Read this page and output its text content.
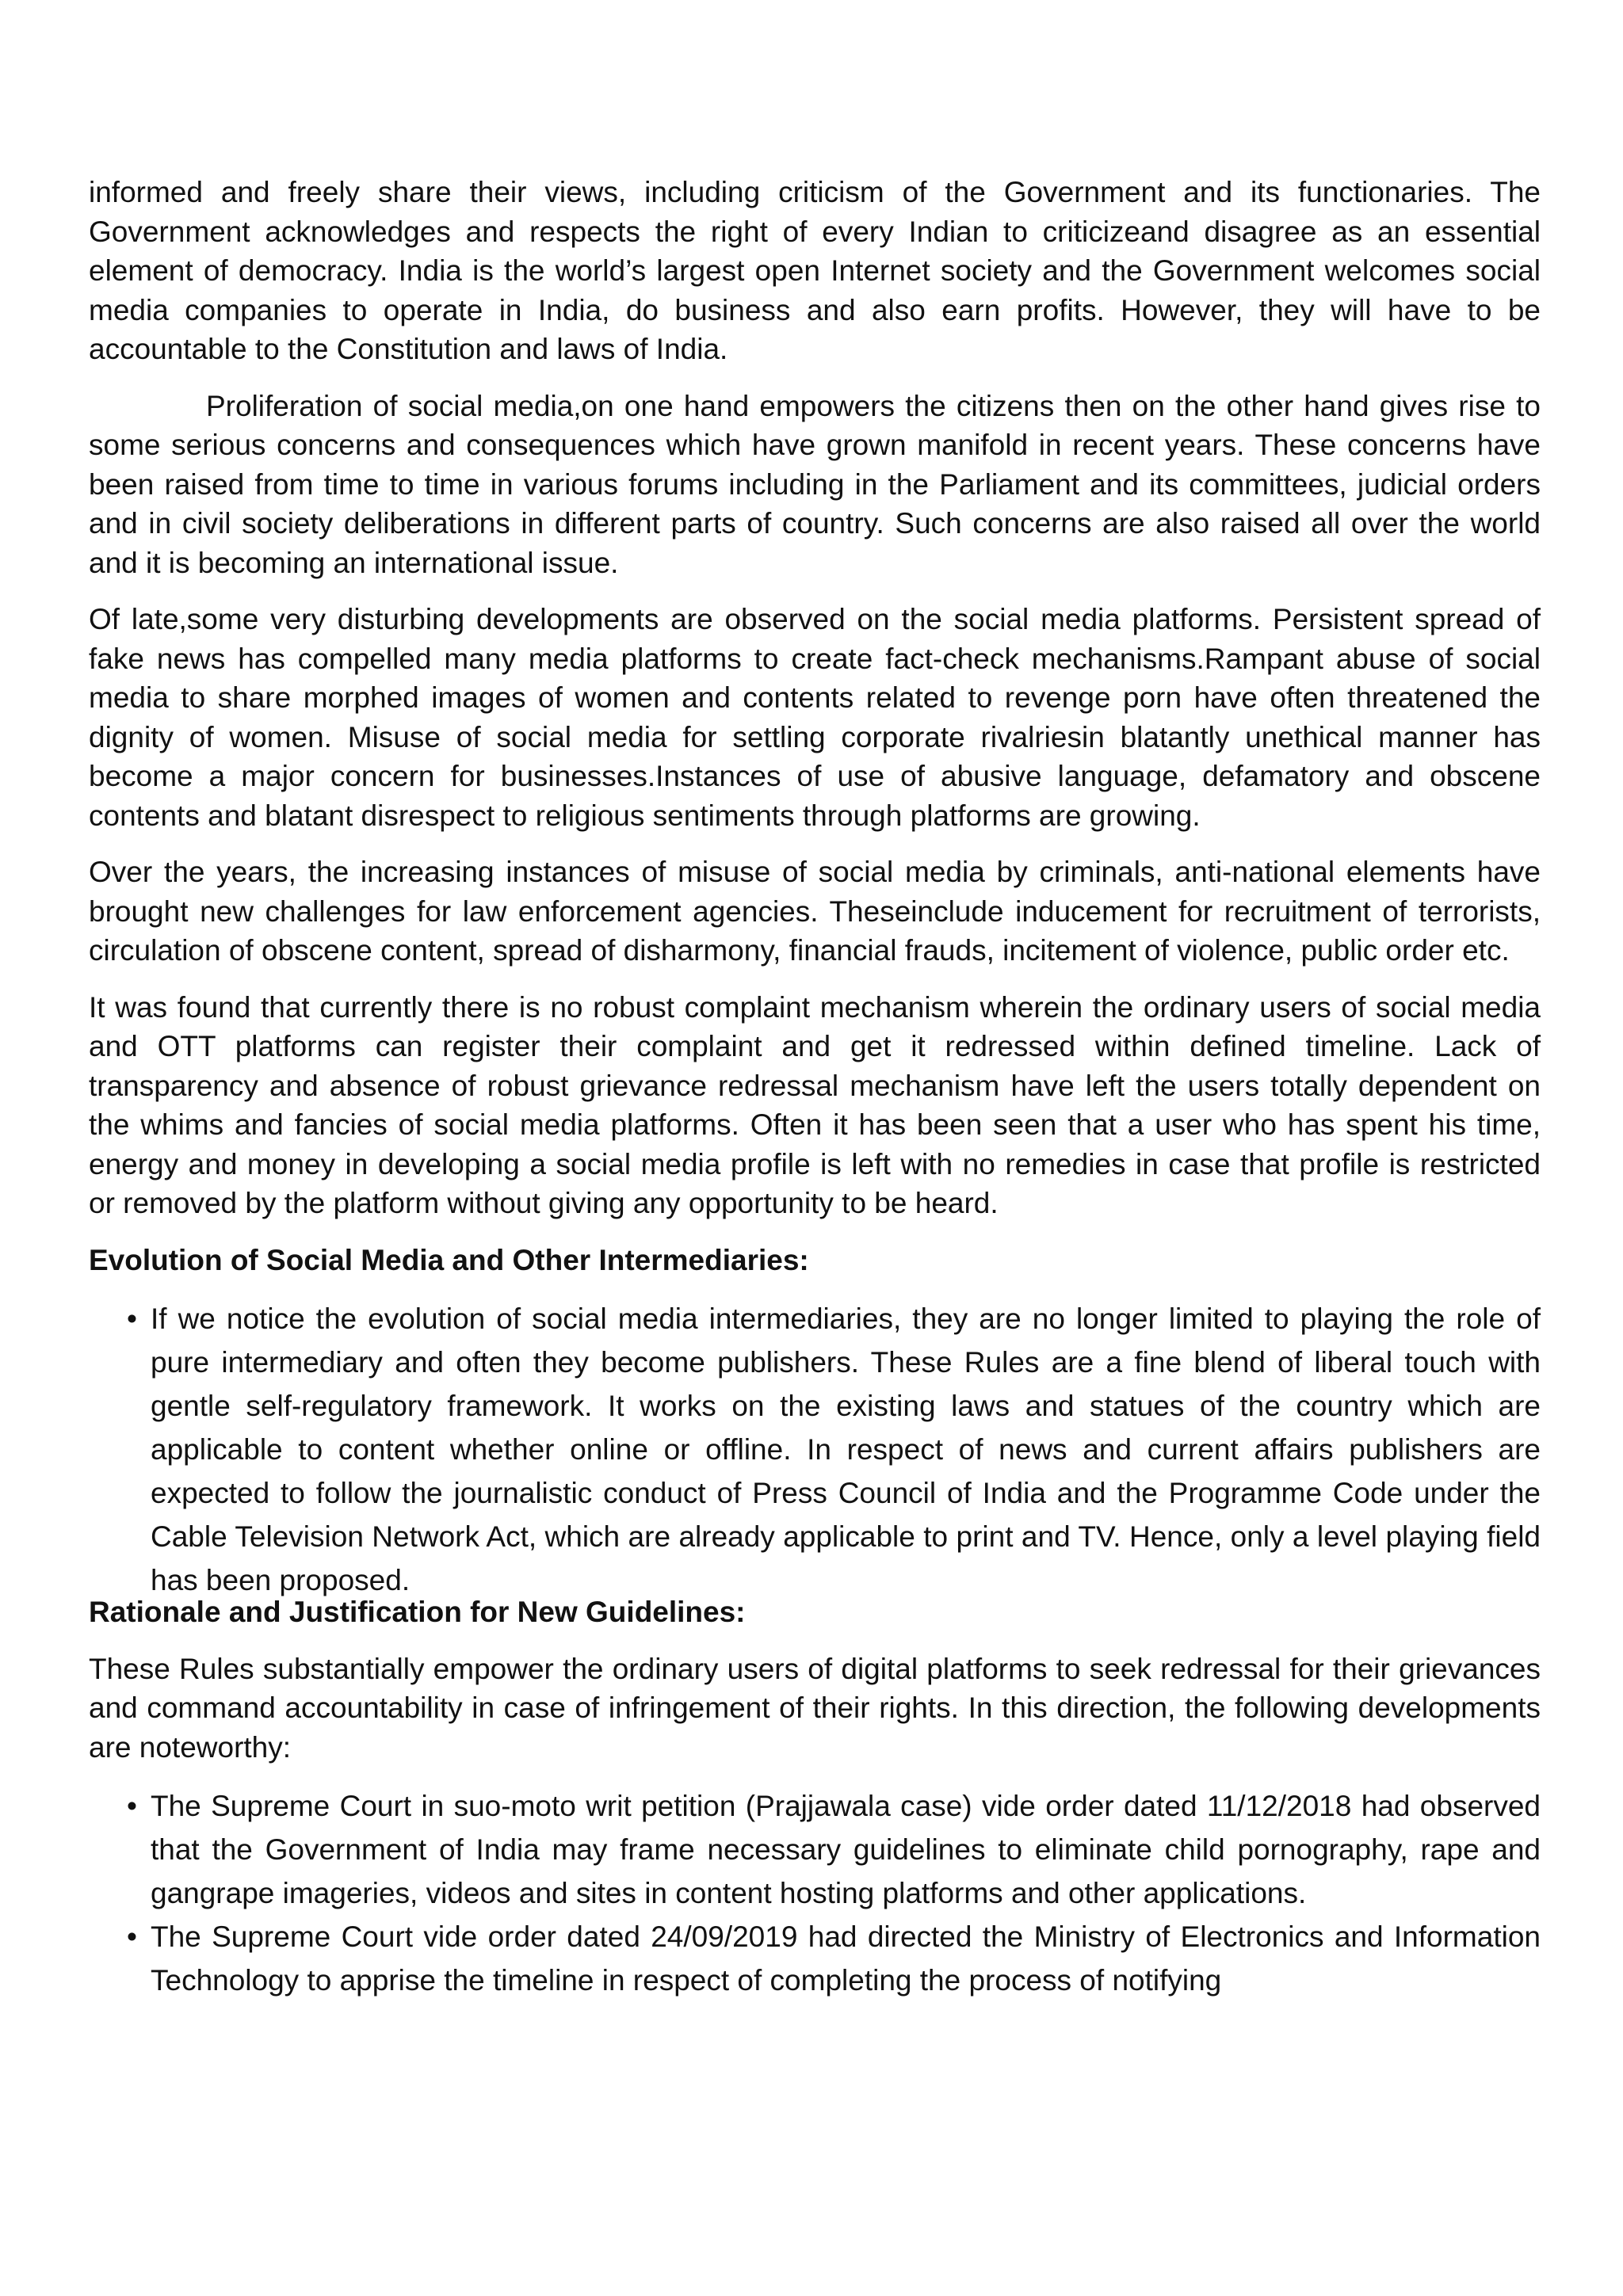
informed and freely share their views, including criticism of the Government and its functionaries. The Government acknowledges and respects the right of every Indian to criticizeand disagree as an essential element of democracy. India is the world’s largest open Internet society and the Government welcomes social media companies to operate in India, do business and also earn profits. However, they will have to be accountable to the Constitution and laws of India.

Proliferation of social media,on one hand empowers the citizens then on the other hand gives rise to some serious concerns and consequences which have grown manifold in recent years. These concerns have been raised from time to time in various forums including in the Parliament and its committees, judicial orders and in civil society deliberations in different parts of country. Such concerns are also raised all over the world and it is becoming an international issue.

Of late,some very disturbing developments are observed on the social media platforms. Persistent spread of fake news has compelled many media platforms to create fact-check mechanisms.Rampant abuse of social media to share morphed images of women and contents related to revenge porn have often threatened the dignity of women. Misuse of social media for settling corporate rivalriesin blatantly unethical manner has become a major concern for businesses.Instances of use of abusive language, defamatory and obscene contents and blatant disrespect to religious sentiments through platforms are growing.

Over the years, the increasing instances of misuse of social media by criminals, anti-national elements have brought new challenges for law enforcement agencies. Theseinclude inducement for recruitment of terrorists, circulation of obscene content, spread of disharmony, financial frauds, incitement of violence, public order etc.

It was found that currently there is no robust complaint mechanism wherein the ordinary users of social media and OTT platforms can register their complaint and get it redressed within defined timeline. Lack of transparency and absence of robust grievance redressal mechanism have left the users totally dependent on the whims and fancies of social media platforms. Often it has been seen that a user who has spent his time, energy and money in developing a social media profile is left with no remedies in case that profile is restricted or removed by the platform without giving any opportunity to be heard.

Evolution of Social Media and Other Intermediaries:
• If we notice the evolution of social media intermediaries, they are no longer limited to playing the role of pure intermediary and often they become publishers. These Rules are a fine blend of liberal touch with gentle self-regulatory framework. It works on the existing laws and statues of the country which are applicable to content whether online or offline. In respect of news and current affairs publishers are expected to follow the journalistic conduct of Press Council of India and the Programme Code under the Cable Television Network Act, which are already applicable to print and TV. Hence, only a level playing field has been proposed.
Rationale and Justification for New Guidelines:

These Rules substantially empower the ordinary users of digital platforms to seek redressal for their grievances and command accountability in case of infringement of their rights. In this direction, the following developments are noteworthy:

• The Supreme Court in suo-moto writ petition (Prajjawala case) vide order dated 11/12/2018 had observed that the Government of India may frame necessary guidelines to eliminate child pornography, rape and gangrape imageries, videos and sites in content hosting platforms and other applications.
• The Supreme Court vide order dated 24/09/2019 had directed the Ministry of Electronics and Information Technology to apprise the timeline in respect of completing the process of notifying
